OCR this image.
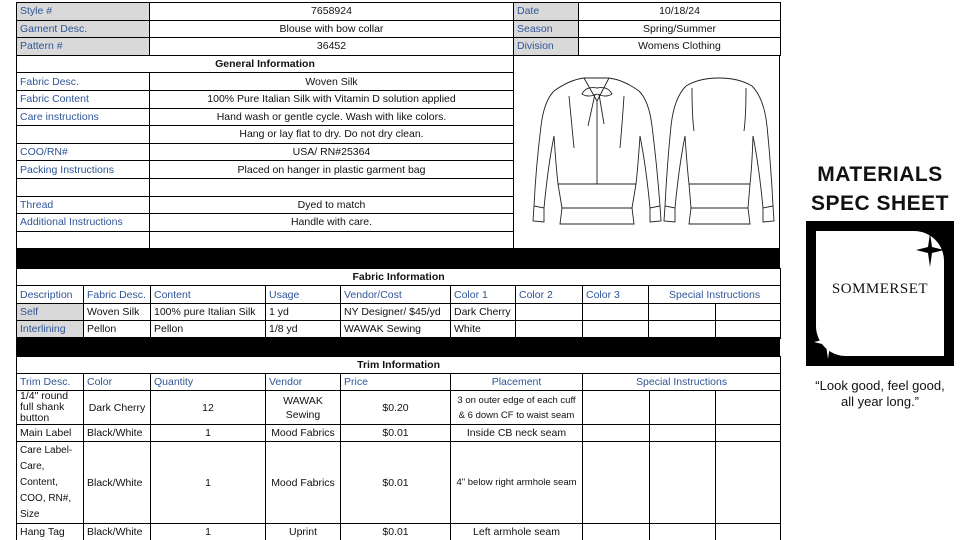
Style #	7658924	Date	10/18/24
Gament Desc.	Blouse with bow collar	Season	Spring/Summer
Pattern #	36452	Division	Womens Clothing
General Information			
Fabric Desc.	Woven Silk		
Fabric Content	100% Pure Italian Silk with Vitamin D solution applied		
Care instructions	Hand wash or gentle cycle. Wash with like colors.		
	Hang or lay flat to dry. Do not dry clean.		
COO/RN#	USA/ RN#25364		
Packing Instructions	Placed on hanger in plastic garment bag		

Thread	Dyed to match		
Additional Instructions	Handle with care.		

Fabric Information									
Description	Fabric Desc.	Content	Usage	Vendor/Cost	Color 1	Color 2	Color 3	Special Instructions	
Self	Woven Silk	100% pure Italian Silk	1 yd	NY Designer/ $45/yd	Dark Cherry				
Interlining	Pellon	Pellon	1/8 yd	WAWAK Sewing	White				
Trim Information								
Trim Desc.	Color	Quantity	Vendor	Price	Placement	Special Instructions		
1/4" round full shank button	Dark Cherry	12	WAWAK Sewing	$0.20	3 on outer edge of each cuff & 6 down CF to waist seam			
Main Label	Black/White	1	Mood Fabrics	$0.01	Inside CB neck seam			
Care Label- Care, Content, COO, RN#, Size	Black/White	1	Mood Fabrics	$0.01	4" below right armhole seam			
Hang Tag	Black/White	1	Uprint	$0.01	Left armhole seam			
MATERIALS
SPEC SHEET
SOMMERSET
“Look good, feel good, all year long.”
